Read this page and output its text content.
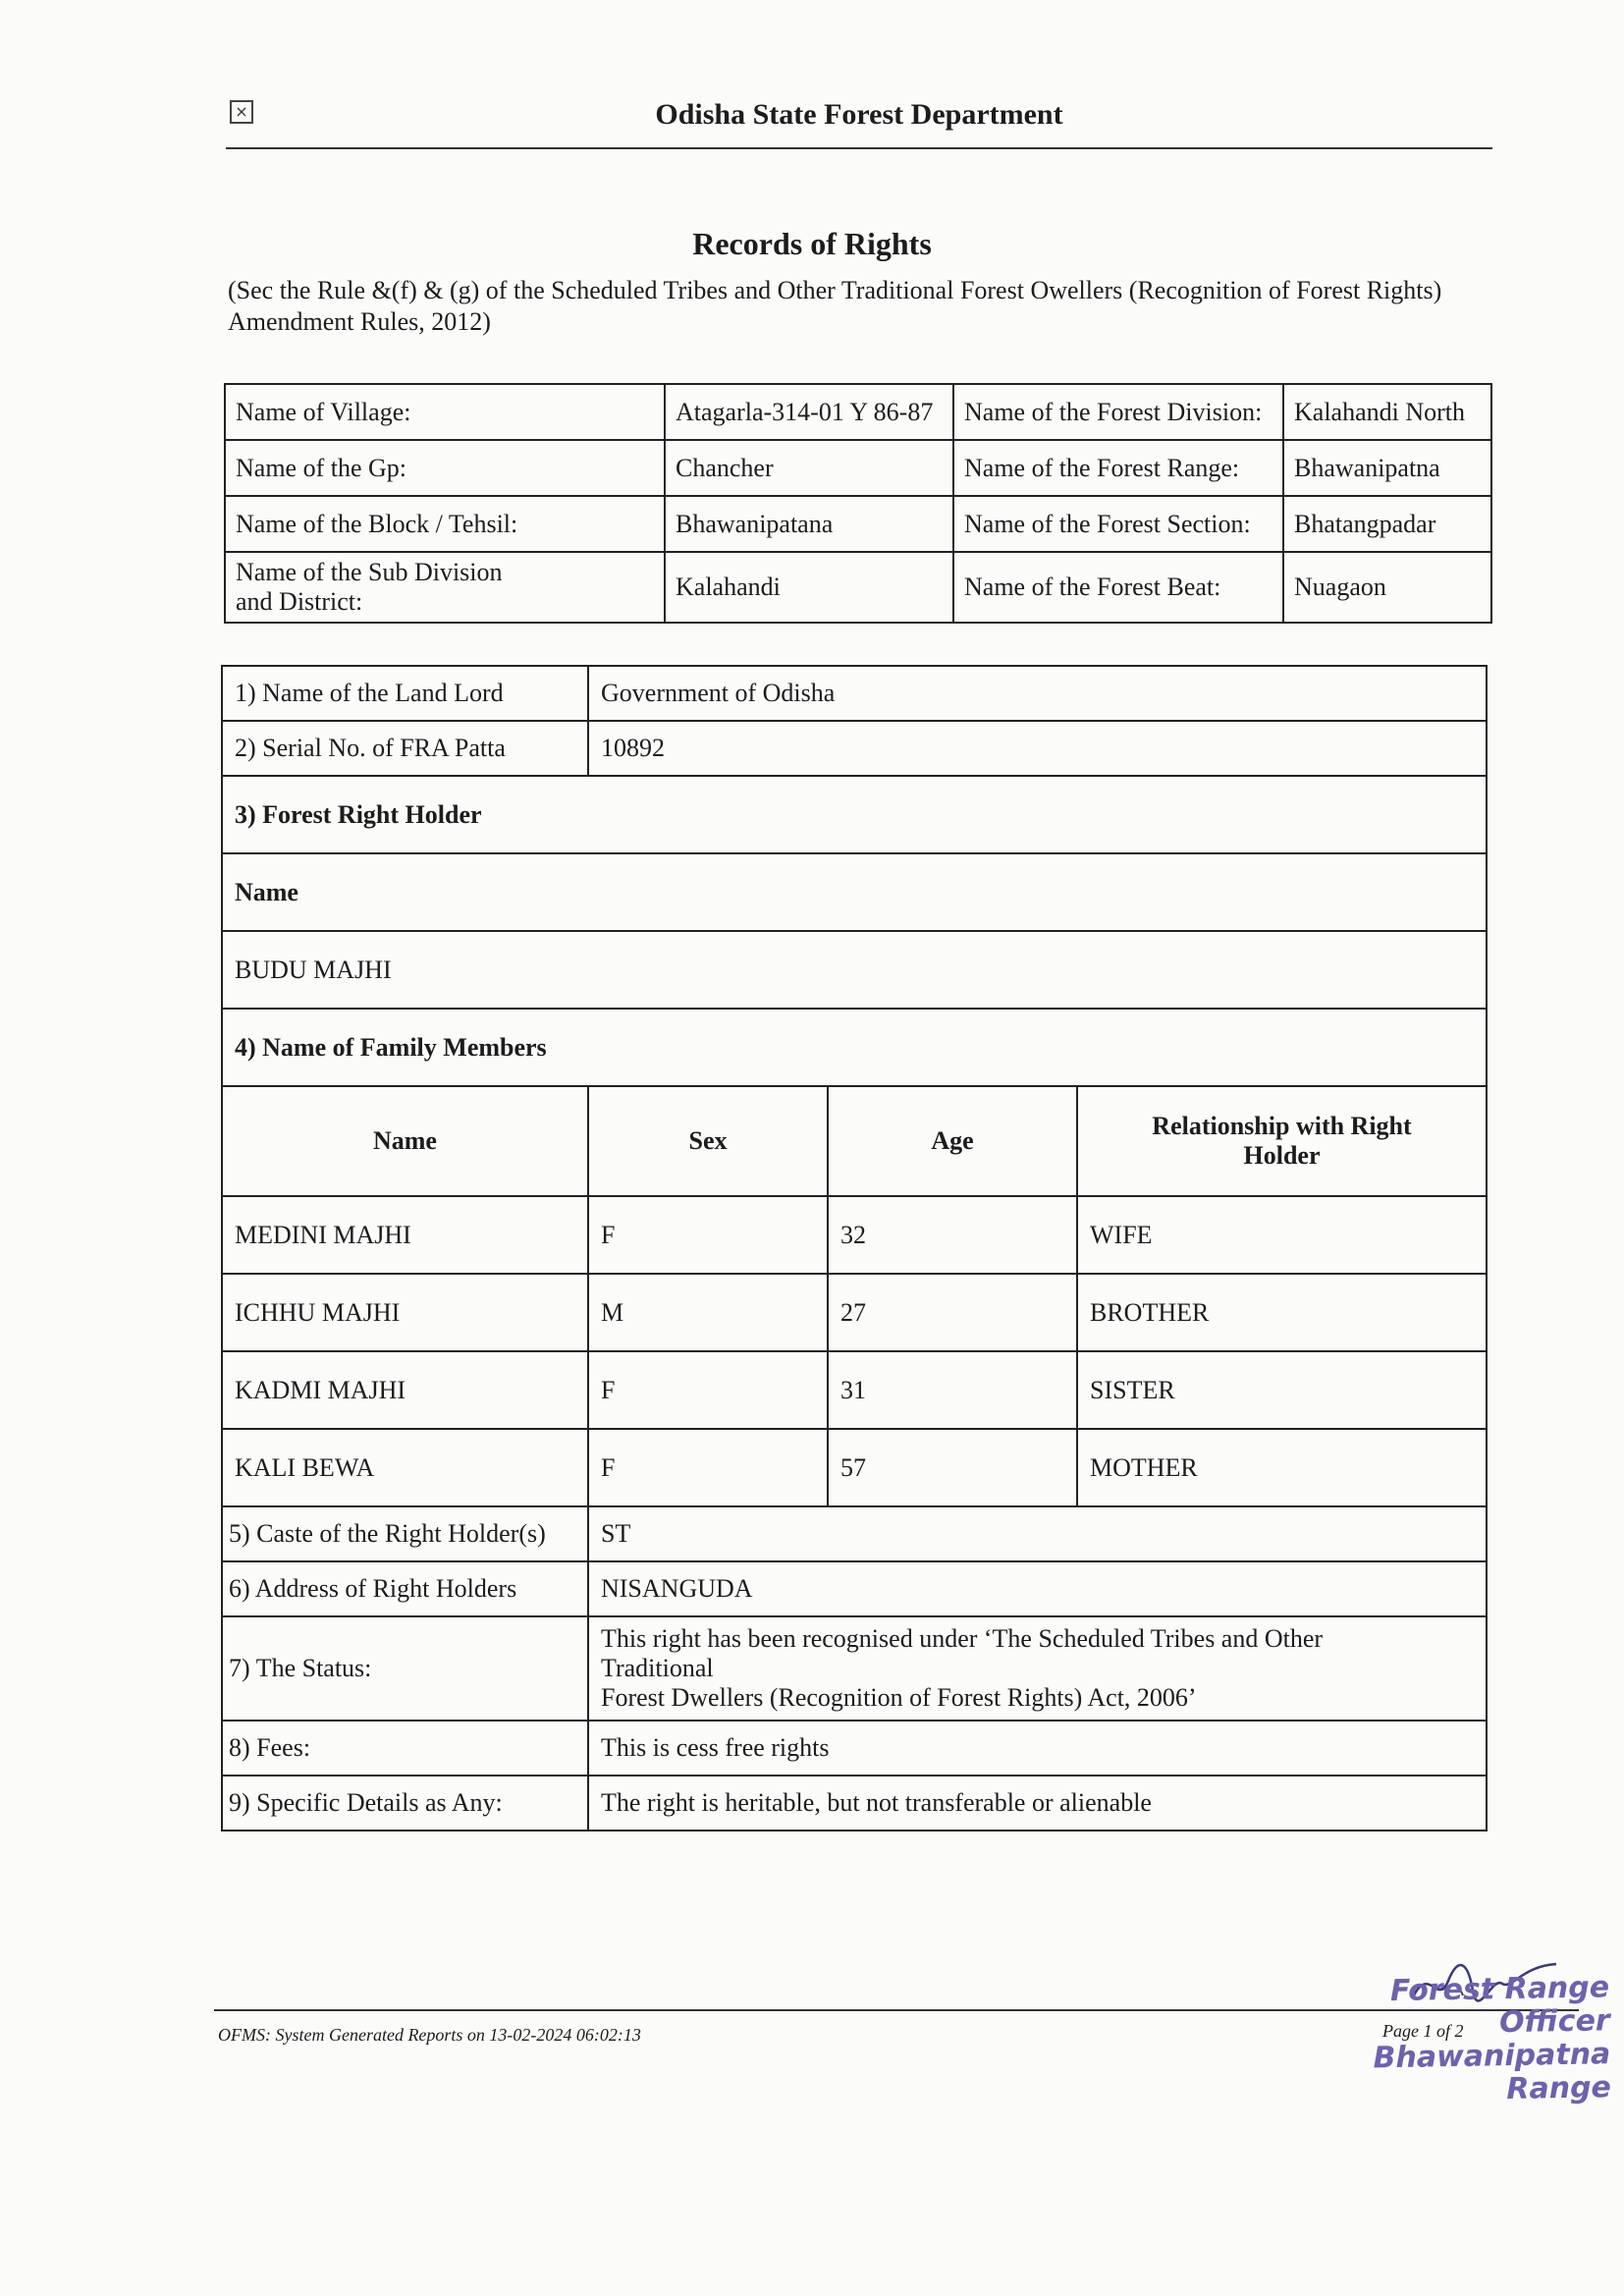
×	Odisha State Forest Department
Records of Rights
(Sec the Rule &(f) & (g) of the Scheduled Tribes and Other Traditional Forest Owellers (Recognition of Forest Rights) Amendment Rules, 2012)
Name of Village:	Atagarla-314-01 Y 86-87	Name of the Forest Division:	Kalahandi North
Name of the Gp:	Chancher	Name of the Forest Range:	Bhawanipatna
Name of the Block / Tehsil:	Bhawanipatana	Name of the Forest Section:	Bhatangpadar
Name of the Sub Division and District:	Kalahandi	Name of the Forest Beat:	Nuagaon
1) Name of the Land Lord	Government of Odisha		
2) Serial No. of FRA Patta	10892		
3) Forest Right Holder			
Name			
BUDU MAJHI			
4) Name of Family Members			
Name	Sex	Age	Relationship with Right Holder
MEDINI MAJHI	F	32	WIFE
ICHHU MAJHI	M	27	BROTHER
KADMI MAJHI	F	31	SISTER
KALI BEWA	F	57	MOTHER
5) Caste of the Right Holder(s)	ST		
6) Address of Right Holders	NISANGUDA		
7) The Status:	This right has been recognised under ‘The Scheduled Tribes and Other Traditional
Forest Dwellers (Recognition of Forest Rights) Act, 2006’		

8) Fees:	This is cess free rights		
9) Specific Details as Any:	The right is heritable, but not transferable or alienable		
OFMS: System Generated Reports on 13-02-2024 06:02:13
Forest Range Officer
Bhawanipatna Range
Page 1 of 2
